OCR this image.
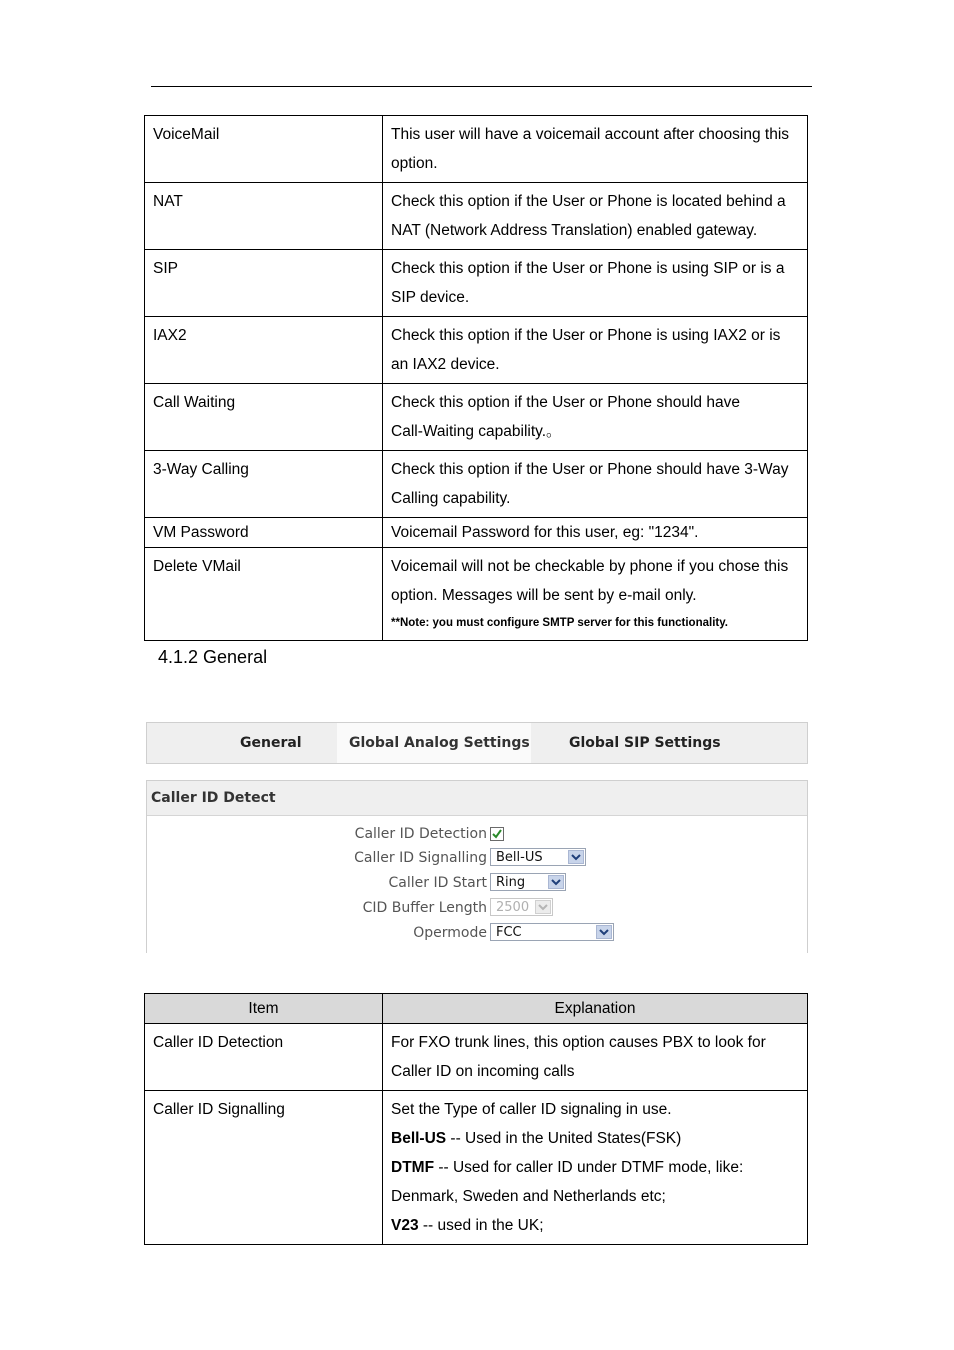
VoiceMail	This user will have a voicemail account after choosing this
option.

NAT	Check this option if the User or Phone is located behind a
NAT (Network Address Translation) enabled gateway.

SIP	Check this option if the User or Phone is using SIP or is a
SIP device.

IAX2	Check this option if the User or Phone is using IAX2 or is
an IAX2 device.

Call Waiting	Check this option if the User or Phone should have
Call-Waiting capability.。

3-Way Calling	Check this option if the User or Phone should have 3-Way
Calling capability.

VM Password	Voicemail Password for this user, eg: "1234".

Delete VMail	Voicemail will not be checkable by phone if you chose this
option. Messages will be sent by e-mail only.
**Note: you must configure SMTP server for this functionality.
4.1.2 General
General	Global Analog Settings	Global SIP Settings
Caller ID Detect
Caller ID Detection
Caller ID Signalling Bell-US
Caller ID Start Ring
CID Buffer Length 2500
Opermode FCC
Item	Explanation
Caller ID Detection	For FXO trunk lines, this option causes PBX to look for
Caller ID on incoming calls

Caller ID Signalling	Set the Type of caller ID signaling in use.
Bell-US -- Used in the United States(FSK)
DTMF -- Used for caller ID under DTMF mode, like:
Denmark, Sweden and Netherlands etc;
V23 -- used in the UK;
